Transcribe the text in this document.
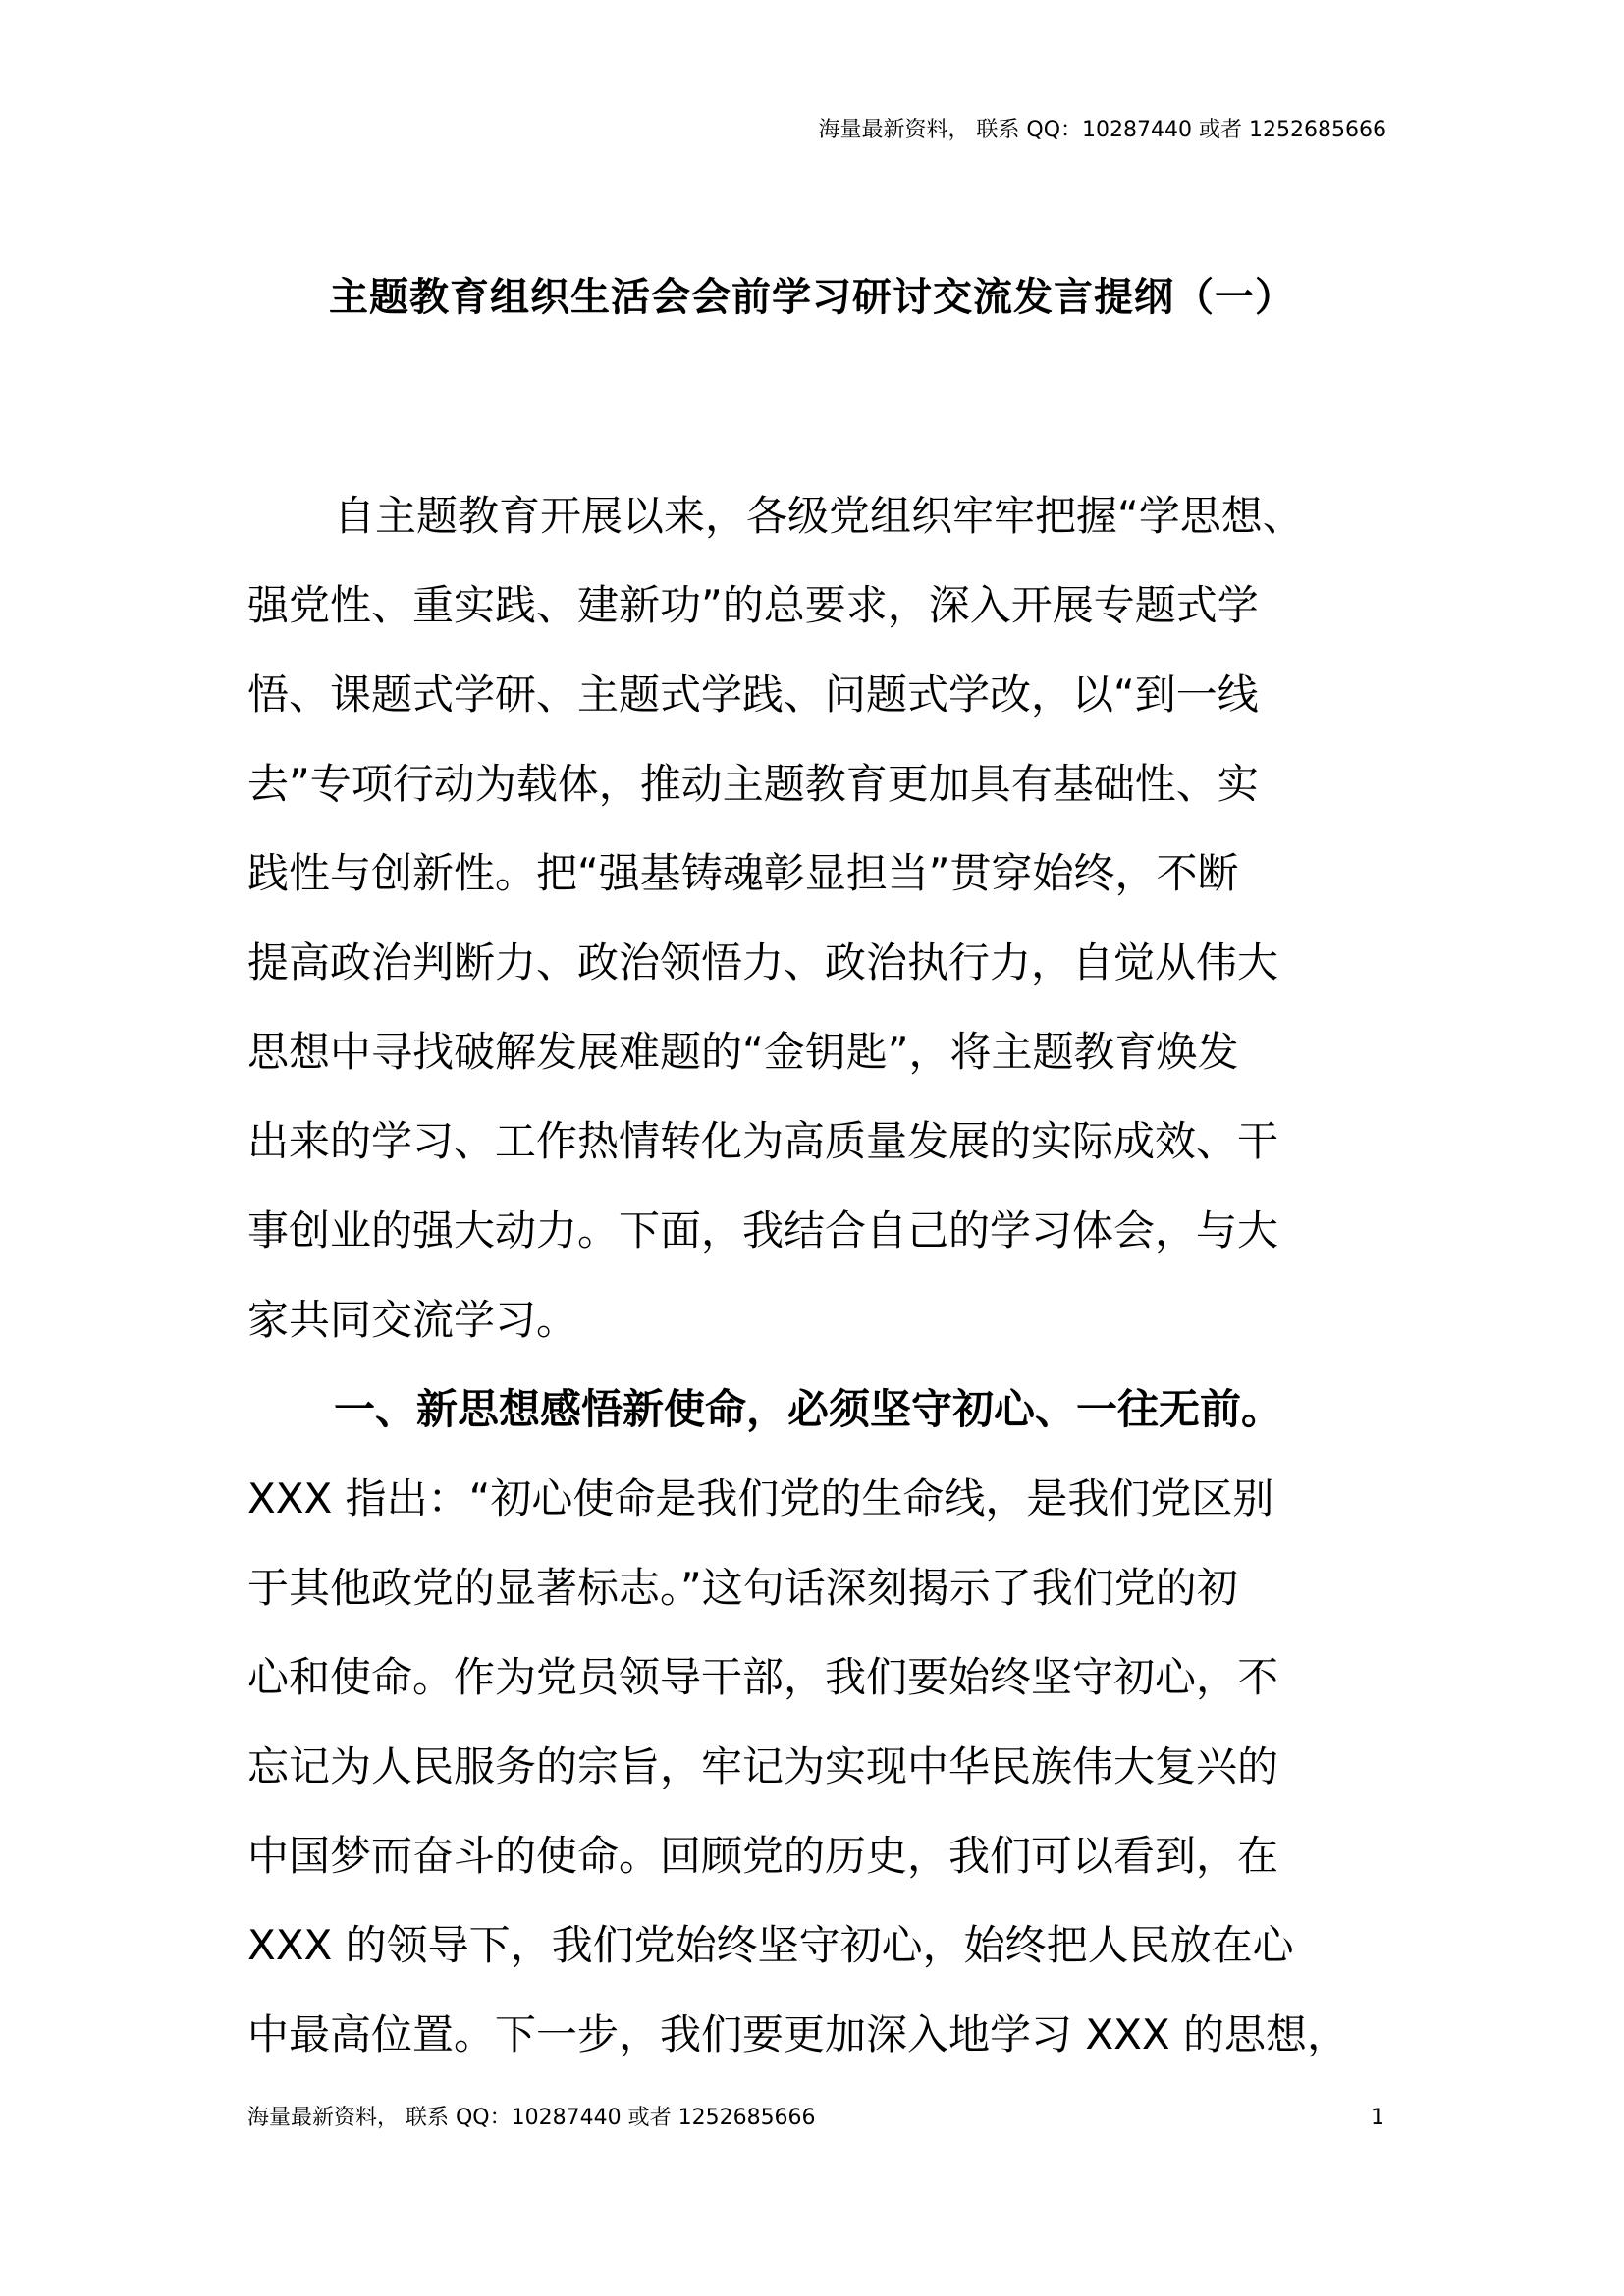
海量最新资料， 联系 QQ：10287440 或者 1252685666
主题教育组织生活会会前学习研讨交流发言提纲（一）
自主题教育开展以来，各级党组织牢牢把握“学思想、
强党性、重实践、建新功”的总要求，深入开展专题式学
悟、课题式学研、主题式学践、问题式学改，以“到一线
去”专项行动为载体，推动主题教育更加具有基础性、实
践性与创新性。把“强基铸魂彰显担当”贯穿始终，不断
提高政治判断力、政治领悟力、政治执行力，自觉从伟大
思想中寻找破解发展难题的“金钥匙”，将主题教育焕发
出来的学习、工作热情转化为高质量发展的实际成效、干
事创业的强大动力。下面，我结合自己的学习体会，与大
家共同交流学习。
一、新思想感悟新使命，必须坚守初心、一往无前。
XXX 指出：“初心使命是我们党的生命线，是我们党区别
于其他政党的显著标志。”这句话深刻揭示了我们党的初
心和使命。作为党员领导干部，我们要始终坚守初心，不
忘记为人民服务的宗旨，牢记为实现中华民族伟大复兴的
中国梦而奋斗的使命。回顾党的历史，我们可以看到，在
XXX 的领导下，我们党始终坚守初心，始终把人民放在心
中最高位置。下一步，我们要更加深入地学习 XXX 的思想，
海量最新资料， 联系 QQ：10287440 或者 1252685666	1
